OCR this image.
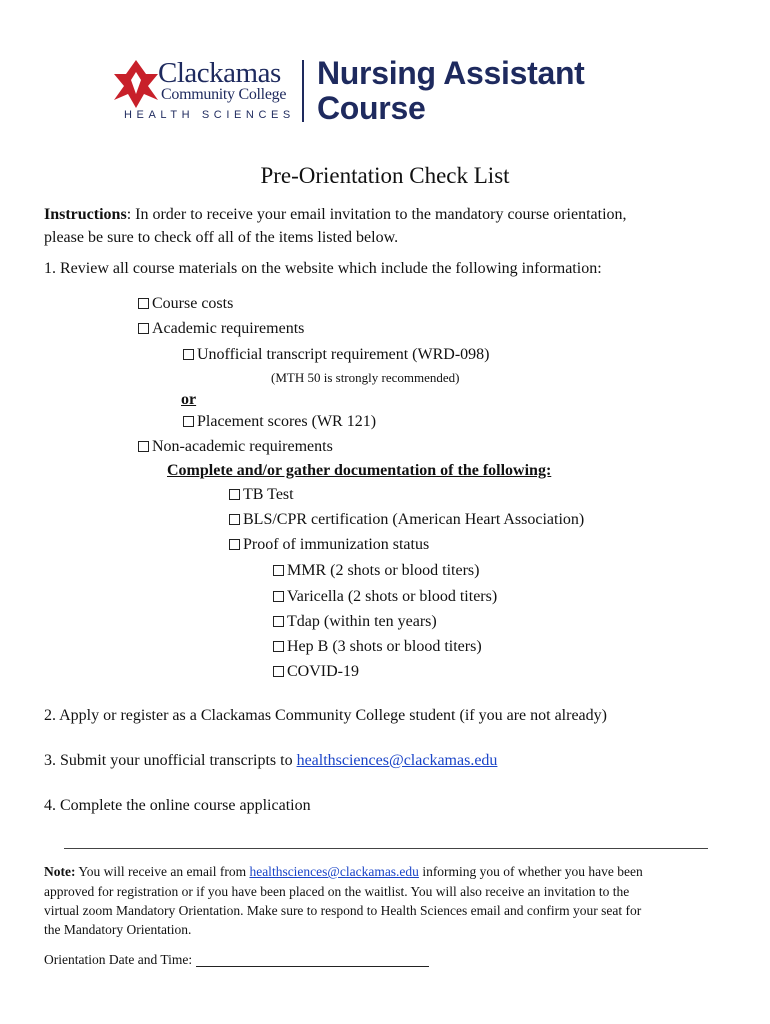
Clackamas
Community College
HEALTH SCIENCES
Nursing Assistant
Course
Pre-Orientation Check List
Instructions: In order to receive your email invitation to the mandatory course orientation,
please be sure to check off all of the items listed below.
1. Review all course materials on the website which include the following information:
Course costs
Academic requirements
Unofficial transcript requirement (WRD-098)
(MTH 50 is strongly recommended)
or
Placement scores (WR 121)
Non-academic requirements
Complete and/or gather documentation of the following:
TB Test
BLS/CPR certification (American Heart Association)
Proof of immunization status
MMR (2 shots or blood titers)
Varicella (2 shots or blood titers)
Tdap (within ten years)
Hep B (3 shots or blood titers)
COVID-19
2. Apply or register as a Clackamas Community College student (if you are not already)
3. Submit your unofficial transcripts to healthsciences@clackamas.edu
4. Complete the online course application
Note: You will receive an email from healthsciences@clackamas.edu informing you of whether you have been
approved for registration or if you have been placed on the waitlist. You will also receive an invitation to the
virtual zoom Mandatory Orientation. Make sure to respond to Health Sciences email and confirm your seat for
the Mandatory Orientation.
Orientation Date and Time:
